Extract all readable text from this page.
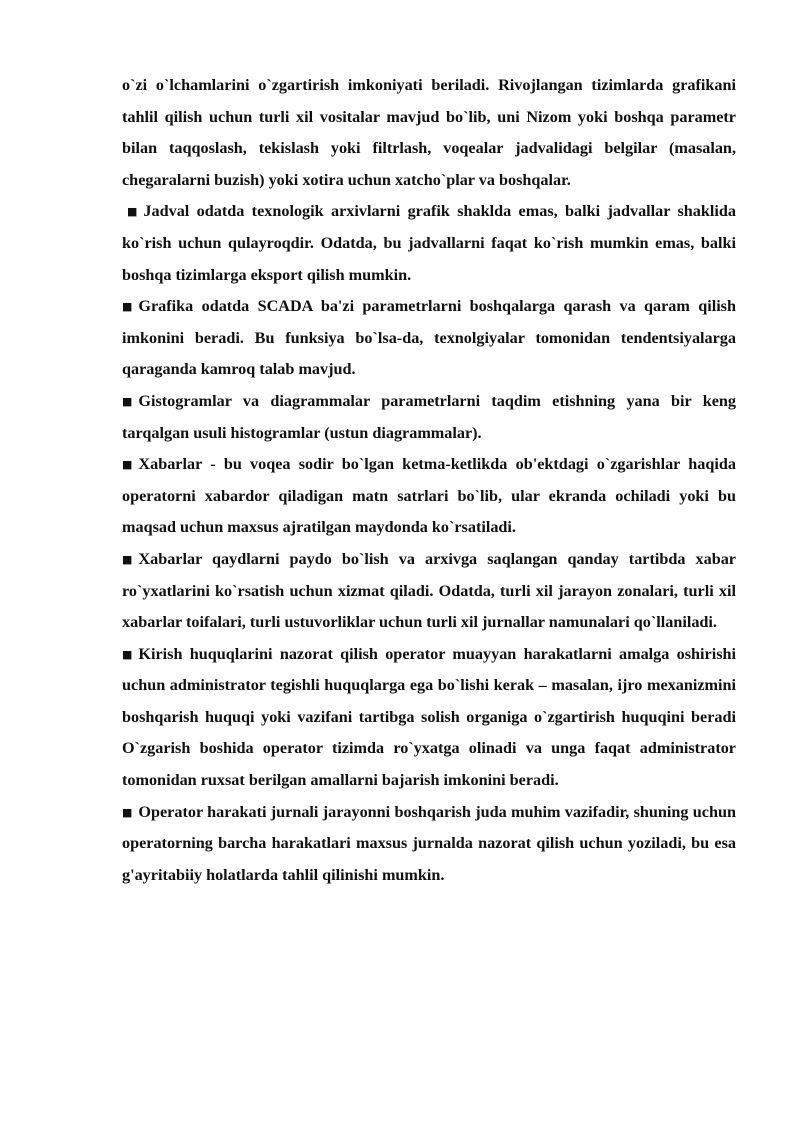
o`zi o`lchamlarini o`zgartirish imkoniyati beriladi. Rivojlangan tizimlarda grafikani tahlil qilish uchun turli xil vositalar mavjud bo`lib, uni Nizom yoki boshqa parametr bilan taqqoslash, tekislash yoki filtrlash, voqealar jadvalidagi belgilar (masalan, chegaralarni buzish) yoki xotira uchun xatcho`plar va boshqalar.

■ Jadval odatda texnologik arxivlarni grafik shaklda emas, balki jadvallar shaklida ko`rish uchun qulayroqdir. Odatda, bu jadvallarni faqat ko`rish mumkin emas, balki boshqa tizimlarga eksport qilish mumkin.

■ Grafika odatda SCADA ba'zi parametrlarni boshqalarga qarash va qaram qilish imkonini beradi. Bu funksiya bo`lsa-da, texnolgiyalar tomonidan tendentsiyalarga qaraganda kamroq talab mavjud.

■ Gistogramlar va diagrammalar parametrlarni taqdim etishning yana bir keng tarqalgan usuli histogramlar (ustun diagrammalar).

■ Xabarlar - bu voqea sodir bo`lgan ketma-ketlikda ob'ektdagi o`zgarishlar haqida operatorni xabardor qiladigan matn satrlari bo`lib, ular ekranda ochiladi yoki bu maqsad uchun maxsus ajratilgan maydonda ko`rsatiladi.

■ Xabarlar qaydlarni paydo bo`lish va arxivga saqlangan qanday tartibda xabar ro`yxatlarini ko`rsatish uchun xizmat qiladi. Odatda, turli xil jarayon zonalari, turli xil xabarlar toifalari, turli ustuvorliklar uchun turli xil jurnallar namunalari qo`llaniladi.

■ Kirish huquqlarini nazorat qilish operator muayyan harakatlarni amalga oshirishi uchun administrator tegishli huquqlarga ega bo`lishi kerak – masalan, ijro mexanizmini boshqarish huquqi yoki vazifani tartibga solish organiga o`zgartirish huquqini beradi O`zgarish boshida operator tizimda ro`yxatga olinadi va unga faqat administrator tomonidan ruxsat berilgan amallarni bajarish imkonini beradi.

■ Operator harakati jurnali jarayonni boshqarish juda muhim vazifadir, shuning uchun operatorning barcha harakatlari maxsus jurnalda nazorat qilish uchun yoziladi, bu esa g'ayritabiiy holatlarda tahlil qilinishi mumkin.
